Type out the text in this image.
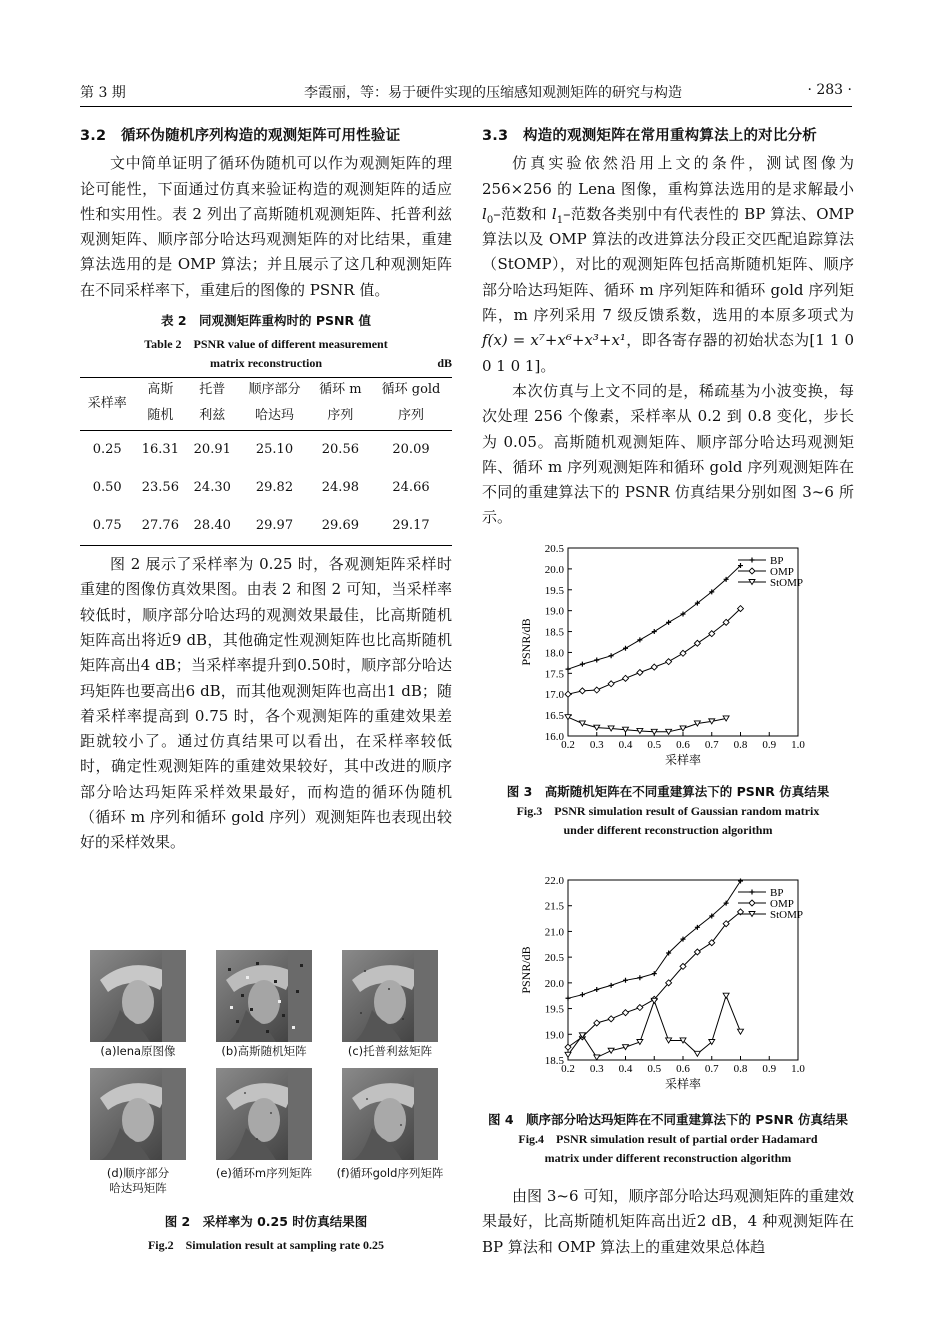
第 3 期	李霞丽，等：易于硬件实现的压缩感知观测矩阵的研究与构造	· 283 ·
3.2　循环伪随机序列构造的观测矩阵可用性验证

文中简单证明了循环伪随机可以作为观测矩阵的理论可能性，下面通过仿真来验证构造的观测矩阵的适应性和实用性。表 2 列出了高斯随机观测矩阵、托普利兹观测矩阵、顺序部分哈达玛观测矩阵的对比结果，重建算法选用的是 OMP 算法；并且展示了这几种观测矩阵在不同采样率下，重建后的图像的 PSNR 值。

表 2　同观测矩阵重构时的 PSNR 值
Table 2　PSNR value of different measurement
matrix reconstruction	dB
采样率	高斯	托普	顺序部分	循环 m	循环 gold
	随机	利兹	哈达玛	序列	序列
0.25	16.31	20.91	25.10	20.56	20.09
0.50	23.56	24.30	29.82	24.98	24.66
0.75	27.76	28.40	29.97	29.69	29.17

图 2 展示了采样率为 0.25 时，各观测矩阵采样时重建的图像仿真效果图。由表 2 和图 2 可知，当采样率较低时，顺序部分哈达玛的观测效果最佳，比高斯随机矩阵高出将近9 dB，其他确定性观测矩阵也比高斯随机矩阵高出4 dB；当采样率提升到0.50时，顺序部分哈达玛矩阵也要高出6 dB，而其他观测矩阵也高出1 dB；随着采样率提高到 0.75 时，各个观测矩阵的重建效果差距就较小了。通过仿真结果可以看出，在采样率较低时，确定性观测矩阵的重建效果较好，其中改进的顺序部分哈达玛矩阵采样效果最好，而构造的循环伪随机（循环 m 序列和循环 gold 序列）观测矩阵也表现出较好的采样效果。

(a)lena原图像	(b)高斯随机矩阵	(c)托普利兹矩阵
(d)顺序部分
哈达玛矩阵
(e)循环m序列矩阵	(f)循环gold序列矩阵
图 2　采样率为 0.25 时仿真结果图
Fig.2　Simulation result at sampling rate 0.25
3.3　构造的观测矩阵在常用重构算法上的对比分析

仿真实验依然沿用上文的条件，测试图像为 256×256 的 Lena 图像，重构算法选用的是求解最小 $l_0-$范数和 $l_1-$范数各类别中有代表性的 BP 算法、OMP 算法以及 OMP 算法的改进算法分段正交匹配追踪算法（StOMP），对比的观测矩阵包括高斯随机矩阵、顺序部分哈达玛矩阵、循环 m 序列矩阵和循环 gold 序列矩阵，m 序列采用 7 级反馈系数，选用的本原多项式为 f(x) = x⁷+x⁶+x³+x¹，即各寄存器的初始状态为[1 1 0 0 1 0 1]。

本次仿真与上文不同的是，稀疏基为小波变换，每次处理 256 个像素，采样率从 0.2 到 0.8 变化，步长为 0.05。高斯随机观测矩阵、顺序部分哈达玛观测矩阵、循环 m 序列观测矩阵和循环 gold 序列观测矩阵在不同的重建算法下的 PSNR 仿真结果分别如图 3~6 所示。

16.0
16.5
17.0
17.5
18.0
18.5
19.0
19.5
20.0
20.5
0.2 0.3 0.4 0.5 0.6 0.7 0.8 0.9 1.0
采样率
PSNR/dB
BP
OMP
StOMP
图 3　高斯随机矩阵在不同重建算法下的 PSNR 仿真结果
Fig.3　PSNR simulation result of Gaussian random matrix
under different reconstruction algorithm
18.5
19.0
19.5
20.0
20.5
21.0
21.5
22.0
0.2 0.3 0.4 0.5 0.6 0.7 0.8 0.9 1.0
采样率
PSNR/dB
BP
OMP
StOMP
图 4　顺序部分哈达玛矩阵在不同重建算法下的 PSNR 仿真结果
Fig.4　PSNR simulation result of partial order Hadamard
matrix under different reconstruction algorithm

由图 3~6 可知，顺序部分哈达玛观测矩阵的重建效果最好，比高斯随机矩阵高出近2 dB，4 种观测矩阵在 BP 算法和 OMP 算法上的重建效果总体趋
